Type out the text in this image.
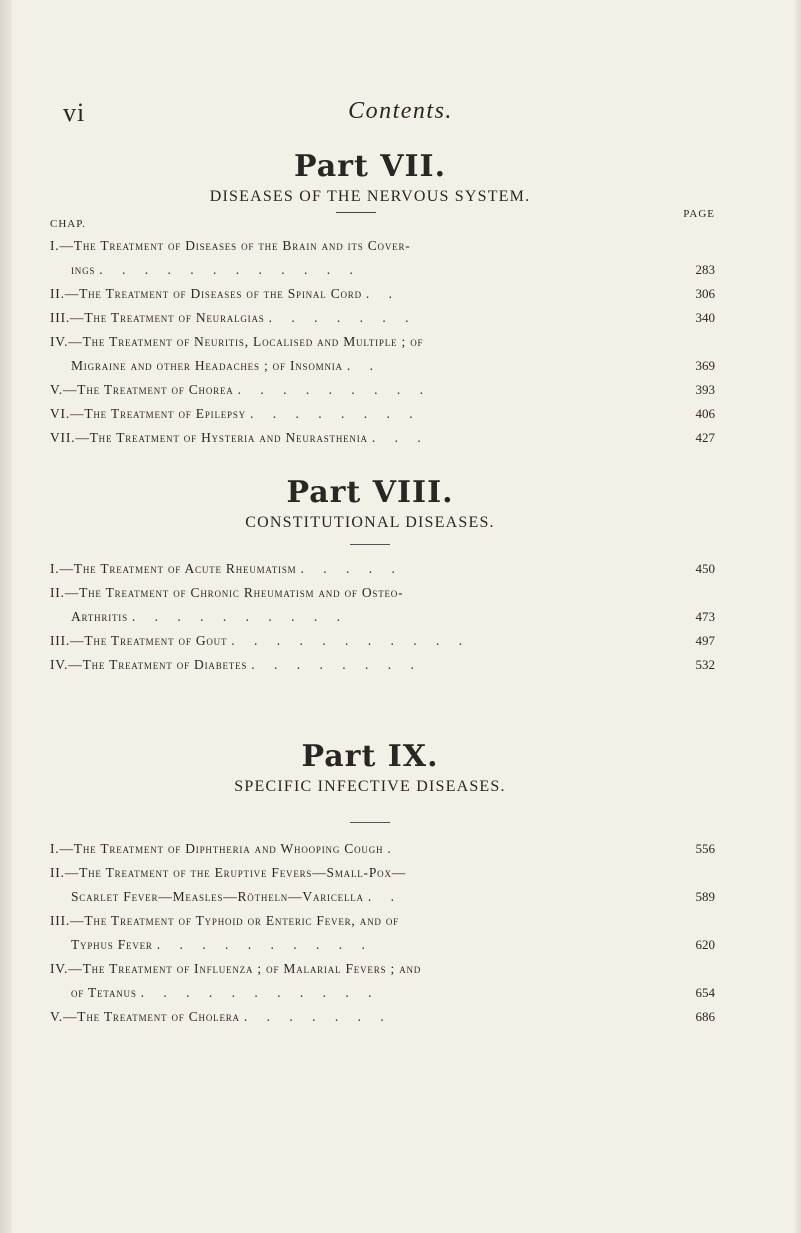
vi	Contents.
Part VII.
DISEASES OF THE NERVOUS SYSTEM.
CHAP.
PAGE
I.—The Treatment of Diseases of the Brain and its Cover-
ings . . . . . . . . . . . .	283
II.—The Treatment of Diseases of the Spinal Cord. .	306
III.—The Treatment of Neuralgias. . . . . . .	340
IV.—The Treatment of Neuritis, Localised and Multiple ; of
Migraine and other Headaches ; of Insomnia. .	369
V.—The Treatment of Chorea. . . . . . . . .	393
VI.—The Treatment of Epilepsy. . . . . . . .	406
VII.—The Treatment of Hysteria and Neurasthenia. . .	427
Part VIII.
CONSTITUTIONAL DISEASES.
I.—The Treatment of Acute Rheumatism. . . . .	450
II.—The Treatment of Chronic Rheumatism and of Osteo-
Arthritis. . . . . . . . . .	473
III.—The Treatment of Gout. . . . . . . . . . .	497
IV.—The Treatment of Diabetes. . . . . . . .	532
Part IX.
SPECIFIC INFECTIVE DISEASES.
I.—The Treatment of Diphtheria and Whooping Cough.	556
II.—The Treatment of the Eruptive Fevers—Small-Pox—
Scarlet Fever—Measles—Rötheln—Varicella. .	589
III.—The Treatment of Typhoid or Enteric Fever, and of
Typhus Fever. . . . . . . . . .	620
IV.—The Treatment of Influenza ; of Malarial Fevers ; and
of Tetanus. . . . . . . . . . .	654
V.—The Treatment of Cholera. . . . . . .	686
